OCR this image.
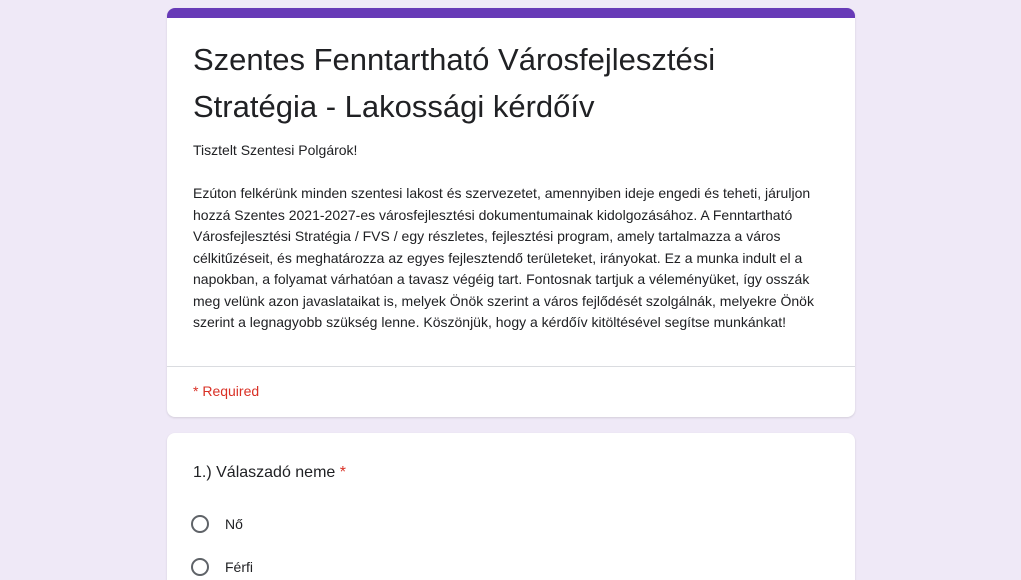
Szentes Fenntartható Városfejlesztési Stratégia - Lakossági kérdőív

Tisztelt Szentesi Polgárok!

Ezúton felkérünk minden szentesi lakost és szervezetet, amennyiben ideje engedi és teheti, járuljon hozzá Szentes 2021-2027-es városfejlesztési dokumentumainak kidolgozásához. A Fenntartható Városfejlesztési Stratégia / FVS / egy részletes, fejlesztési program, amely tartalmazza a város célkitűzéseit, és meghatározza az egyes fejlesztendő területeket, irányokat. Ez a munka indult el a napokban, a folyamat várhatóan a tavasz végéig tart. Fontosnak tartjuk a véleményüket, így osszák meg velünk azon javaslataikat is, melyek Önök szerint a város fejlődését szolgálnák, melyekre Önök szerint a legnagyobb szükség lenne. Köszönjük, hogy a kérdőív kitöltésével segítse munkánkat!

* Required
1.) Válaszadó neme *
Nő
Férfi
